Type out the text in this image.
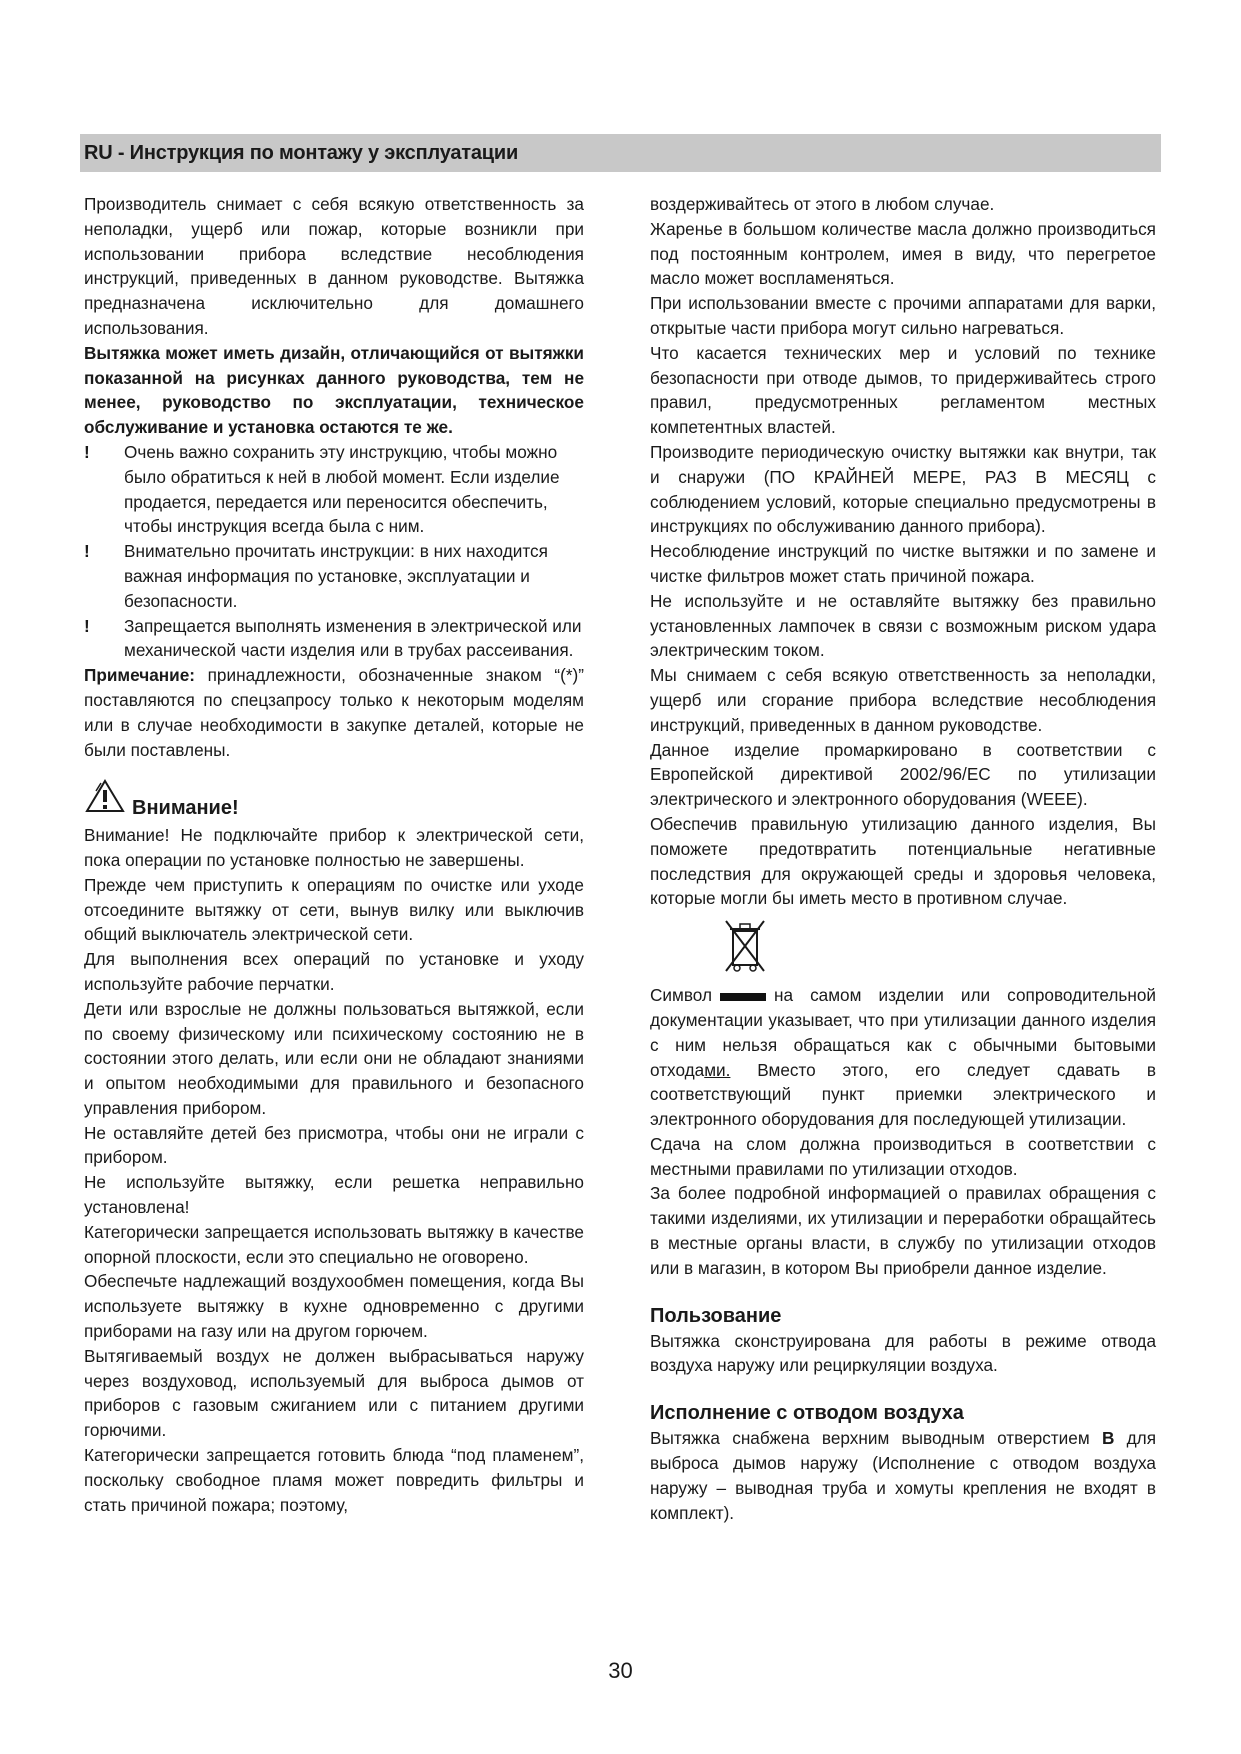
RU - Инструкция по монтажу у эксплуатации

Производитель снимает с себя всякую ответственность за неполадки, ущерб или пожар, которые возникли при использовании прибора вследствие несоблюдения инструкций, приведенных в данном руководстве. Вытяжка предназначена исключительно для домашнего использования.

Вытяжка может иметь дизайн, отличающийся от вытяжки показанной на рисунках данного руководства, тем не менее, руководство по эксплуатации, техническое обслуживание и установка остаются те же.

!	Очень важно сохранить эту инструкцию, чтобы можно было обратиться к ней в любой момент. Если изделие продается, передается или переносится обеспечить, чтобы инструкция всегда была с ним.
!	Внимательно прочитать инструкции: в них находится важная информация по установке, эксплуатации и безопасности.
!	Запрещается выполнять изменения в электрической или механической части изделия или в трубах рассеивания.

Примечание: принадлежности, обозначенные знаком “(*)” поставляются по спецзапросу только к некоторым моделям или в случае необходимости в закупке деталей, которые не были поставлены.

Внимание!

Внимание! Не подключайте прибор к электрической сети, пока операции по установке полностью не завершены.

Прежде чем приступить к операциям по очистке или уходе отсоедините вытяжку от сети, вынув вилку или выключив общий выключатель электрической сети.

Для выполнения всех операций по установке и уходу используйте рабочие перчатки.

Дети или взрослые не должны пользоваться вытяжкой, если по своему физическому или психическому состоянию не в состоянии этого делать, или если они не обладают знаниями и опытом необходимыми для правильного и безопасного управления прибором.

Не оставляйте детей без присмотра, чтобы они не играли с прибором.

Не используйте вытяжку, если решетка неправильно установлена!

Категорически запрещается использовать вытяжку в качестве опорной плоскости, если это специально не оговорено.

Обеспечьте надлежащий воздухообмен помещения, когда Вы используете вытяжку в кухне одновременно с другими приборами на газу или на другом горючем.

Вытягиваемый воздух не должен выбрасываться наружу через воздуховод, используемый для выброса дымов от приборов с газовым сжиганием или с питанием другими горючими.

Категорически запрещается готовить блюда “под пламенем”, поскольку свободное пламя может повредить фильтры и стать причиной пожара; поэтому,

воздерживайтесь от этого в любом случае.

Жаренье в большом количестве масла должно производиться под постоянным контролем, имея в виду, что перегретое масло может воспламеняться.

При использовании вместе с прочими аппаратами для варки, открытые части прибора могут сильно нагреваться.

Что касается технических мер и условий по технике безопасности при отводе дымов, то придерживайтесь строго правил, предусмотренных регламентом местных компетентных властей.

Производите периодическую очистку вытяжки как внутри, так и снаружи (ПО КРАЙНЕЙ МЕРЕ, РАЗ В МЕСЯЦ с соблюдением условий, которые специально предусмотрены в инструкциях по обслуживанию данного прибора).

Несоблюдение инструкций по чистке вытяжки и по замене и чистке фильтров может стать причиной пожара.

Не используйте и не оставляйте вытяжку без правильно установленных лампочек в связи с возможным риском удара электрическим током.

Мы снимаем с себя всякую ответственность за неполадки, ущерб или сгорание прибора вследствие несоблюдения инструкций, приведенных в данном руководстве.

Данное изделие промаркировано в соответствии с Европейской директивой 2002/96/EC по утилизации электрического и электронного оборудования (WEEE).

Обеспечив правильную утилизацию данного изделия, Вы поможете предотвратить потенциальные негативные последствия для окружающей среды и здоровья человека, которые могли бы иметь место в противном случае.

Символ	на самом изделии или сопроводительной документации указывает, что при утилизации данного изделия с ним нельзя обращаться как с обычными бытовыми отходами. Вместо этого, его следует сдавать в соответствующий пункт приемки электрического и электронного оборудования для последующей утилизации.

Сдача на слом должна производиться в соответствии с местными правилами по утилизации отходов.

За более подробной информацией о правилах обращения с такими изделиями, их утилизации и переработки обращайтесь в местные органы власти, в службу по утилизации отходов или в магазин, в котором Вы приобрели данное изделие.

Пользование

Вытяжка сконструирована для работы в режиме отвода воздуха наружу или рециркуляции воздуха.

Исполнение с отводом воздуха

Вытяжка снабжена верхним выводным отверстием B для выброса дымов наружу (Исполнение с отводом воздуха наружу – выводная труба и хомуты крепления не входят в комплект).

30
